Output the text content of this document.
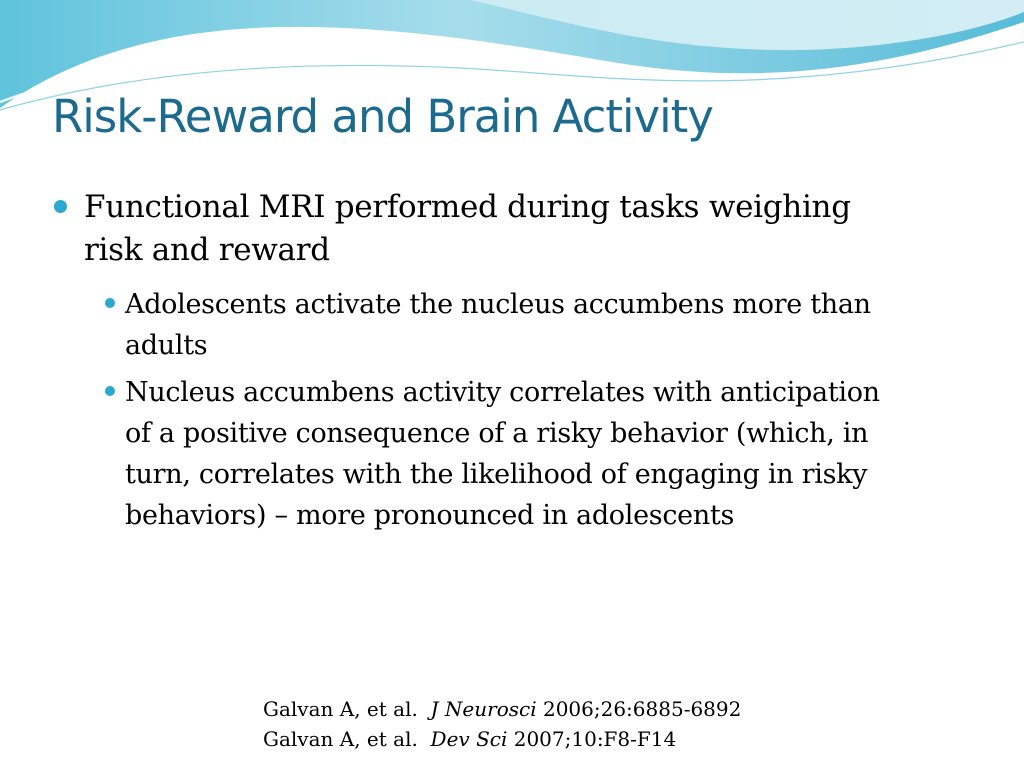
Risk-Reward and Brain Activity
Functional MRI performed during tasks weighing risk and reward
Adolescents activate the nucleus accumbens more than adults
Nucleus accumbens activity correlates with anticipation of a positive consequence of a risky behavior (which, in turn, correlates with the likelihood of engaging in risky behaviors) – more pronounced in adolescents
Galvan A, et al. J Neurosci 2006;26:6885-6892
Galvan A, et al. Dev Sci 2007;10:F8-F14
